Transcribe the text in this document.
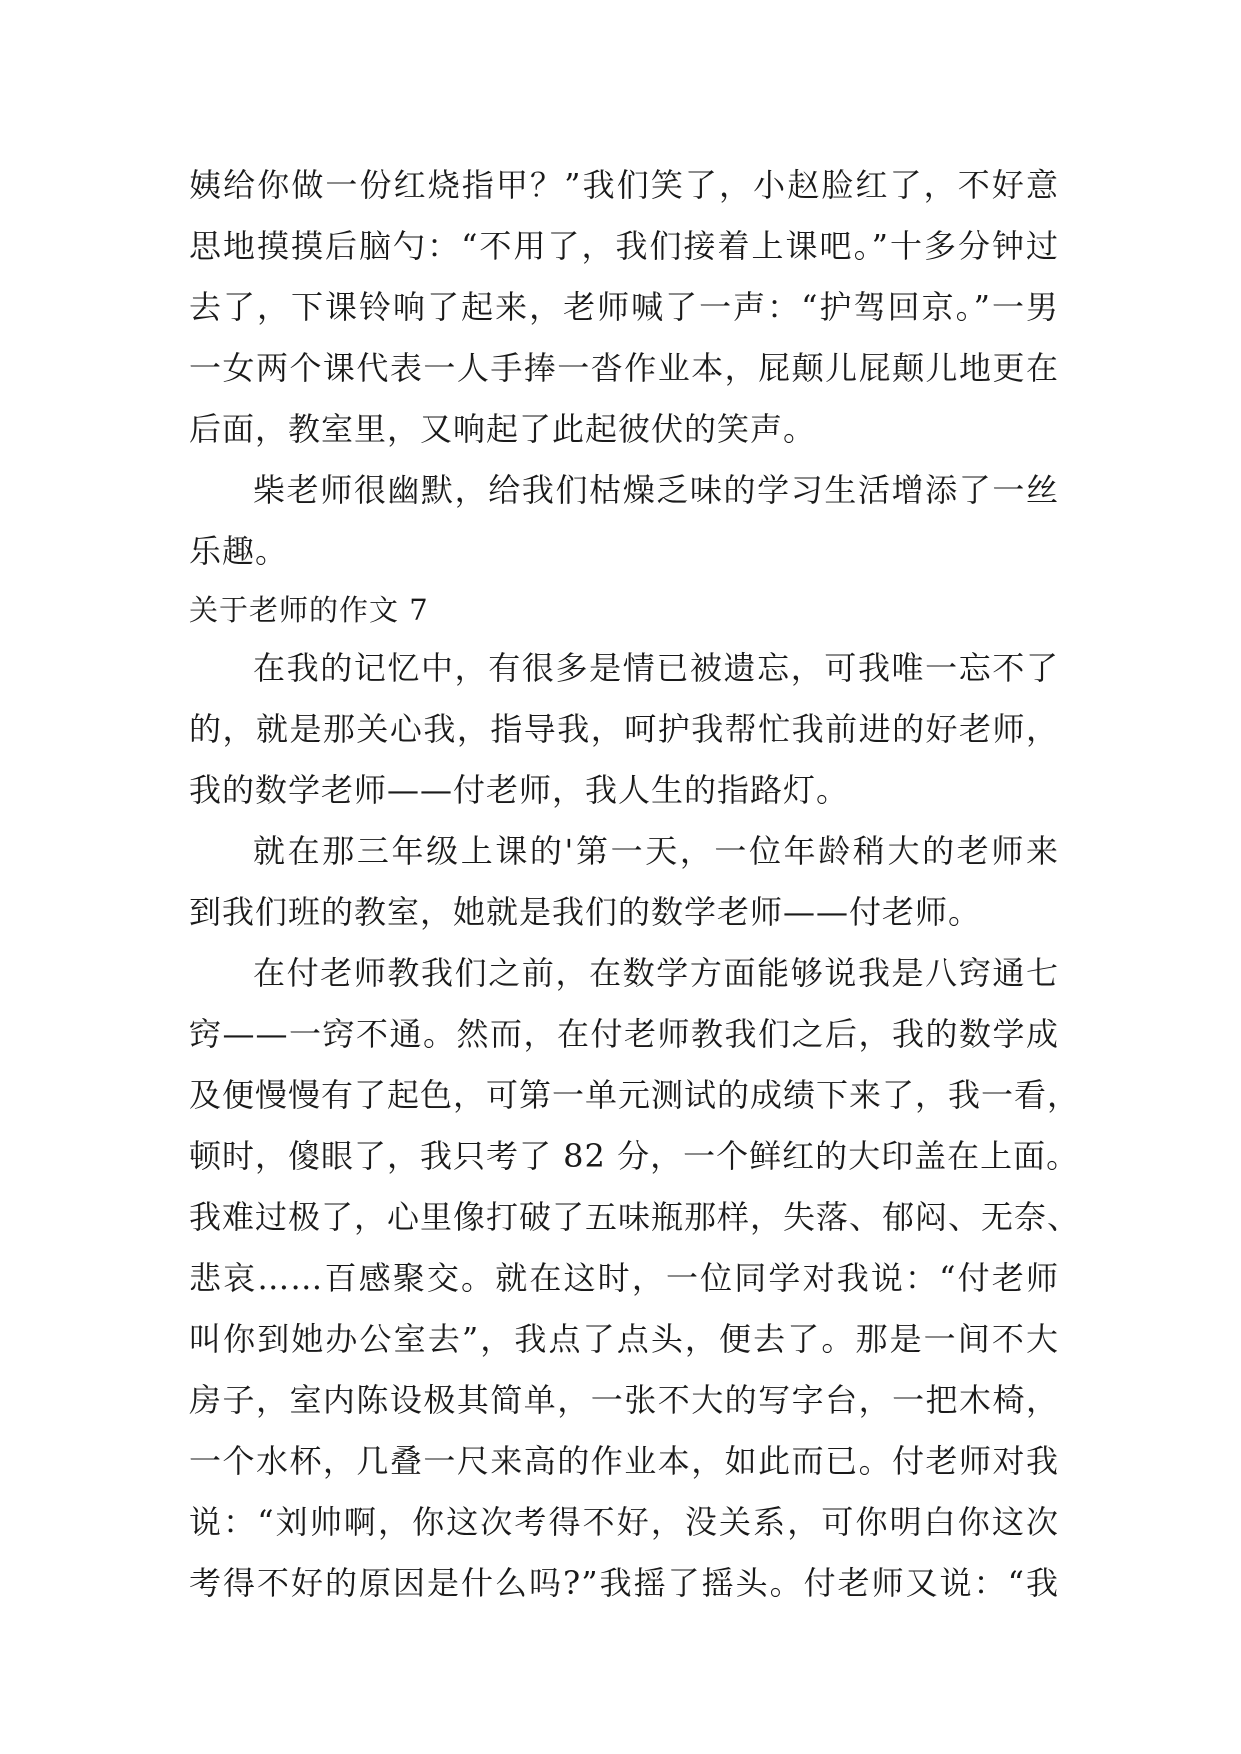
姨给你做一份红烧指甲？”我们笑了，小赵脸红了，不好意
思地摸摸后脑勺：“不用了，我们接着上课吧。”十多分钟过
去了，下课铃响了起来，老师喊了一声：“护驾回京。”一男
一女两个课代表一人手捧一沓作业本，屁颠儿屁颠儿地更在
后面，教室里，又响起了此起彼伏的笑声。
柴老师很幽默，给我们枯燥乏味的学习生活增添了一丝
乐趣。
关于老师的作文 7
在我的记忆中，有很多是情已被遗忘，可我唯一忘不了
的，就是那关心我，指导我，呵护我帮忙我前进的好老师，
我的数学老师——付老师，我人生的指路灯。
就在那三年级上课的'第一天，一位年龄稍大的老师来
到我们班的教室，她就是我们的数学老师——付老师。
在付老师教我们之前，在数学方面能够说我是八窍通七
窍——一窍不通。然而，在付老师教我们之后，我的数学成
及便慢慢有了起色，可第一单元测试的成绩下来了，我一看，
顿时，傻眼了，我只考了 82 分，一个鲜红的大印盖在上面。
我难过极了，心里像打破了五味瓶那样，失落、郁闷、无奈、
悲哀……百感聚交。就在这时，一位同学对我说：“付老师
叫你到她办公室去”，我点了点头，便去了。那是一间不大
房子，室内陈设极其简单，一张不大的写字台，一把木椅，
一个水杯，几叠一尺来高的作业本，如此而已。付老师对我
说：“刘帅啊，你这次考得不好，没关系，可你明白你这次
考得不好的原因是什么吗?”我摇了摇头。付老师又说：“我
